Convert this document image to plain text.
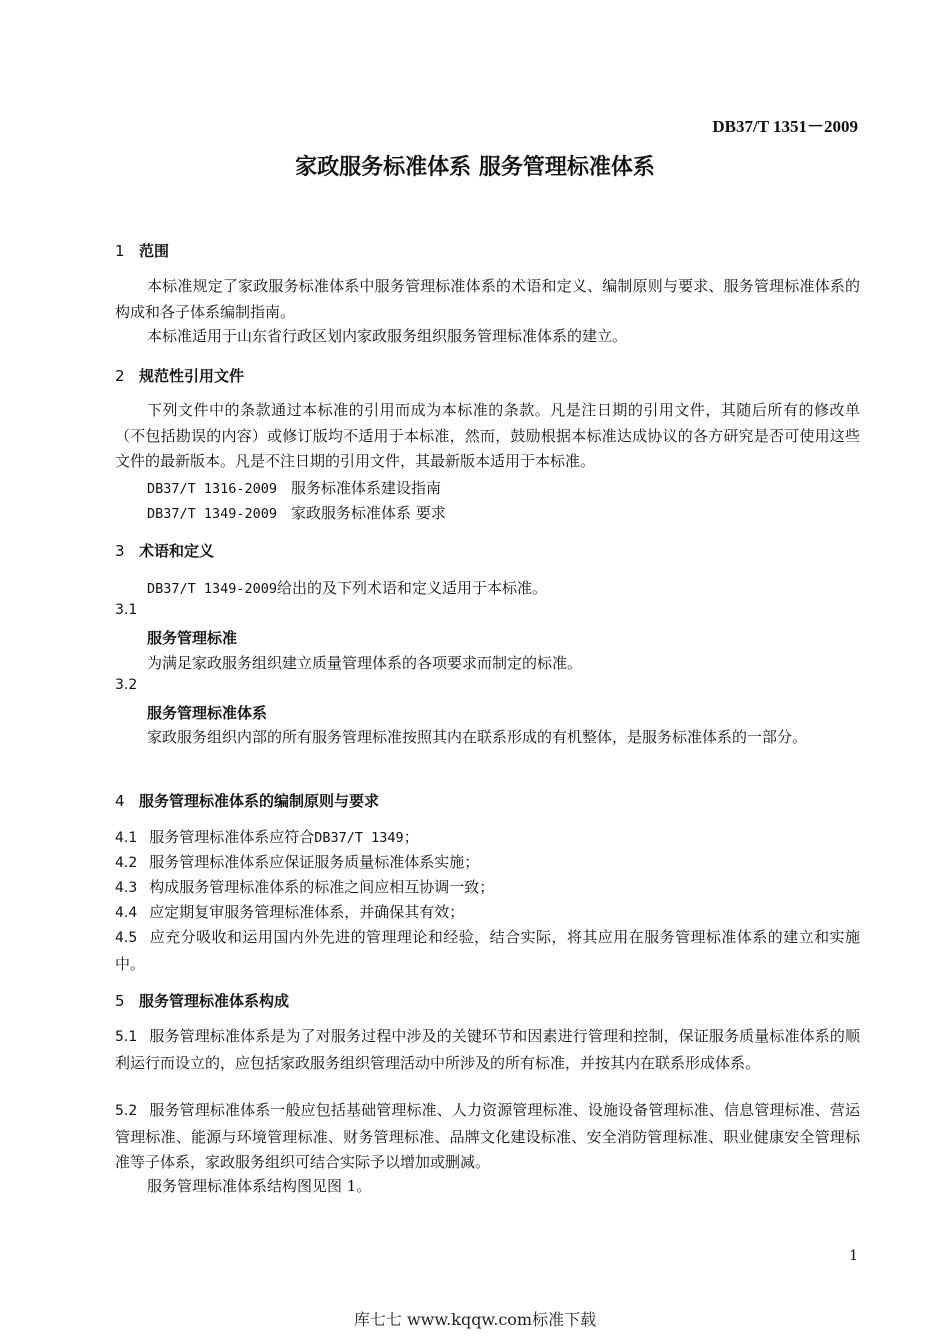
DB37/T 1351－2009
家政服务标准体系 服务管理标准体系
1 范围
本标准规定了家政服务标准体系中服务管理标准体系的术语和定义、编制原则与要求、服务管理标准体系的构成和各子体系编制指南。
本标准适用于山东省行政区划内家政服务组织服务管理标准体系的建立。
2 规范性引用文件
下列文件中的条款通过本标准的引用而成为本标准的条款。凡是注日期的引用文件，其随后所有的修改单（不包括勘误的内容）或修订版均不适用于本标准，然而，鼓励根据本标准达成协议的各方研究是否可使用这些文件的最新版本。凡是不注日期的引用文件，其最新版本适用于本标准。
DB37/T 1316-2009 服务标准体系建设指南
DB37/T 1349-2009 家政服务标准体系 要求
3 术语和定义
DB37/T 1349-2009给出的及下列术语和定义适用于本标准。
3.1
服务管理标准
为满足家政服务组织建立质量管理体系的各项要求而制定的标准。
3.2
服务管理标准体系
家政服务组织内部的所有服务管理标准按照其内在联系形成的有机整体，是服务标准体系的一部分。
4 服务管理标准体系的编制原则与要求
4.1 服务管理标准体系应符合DB37/T 1349；
4.2 服务管理标准体系应保证服务质量标准体系实施；
4.3 构成服务管理标准体系的标准之间应相互协调一致；
4.4 应定期复审服务管理标准体系，并确保其有效；
4.5 应充分吸收和运用国内外先进的管理理论和经验，结合实际，将其应用在服务管理标准体系的建立和实施中。
5 服务管理标准体系构成
5.1 服务管理标准体系是为了对服务过程中涉及的关键环节和因素进行管理和控制，保证服务质量标准体系的顺利运行而设立的，应包括家政服务组织管理活动中所涉及的所有标准，并按其内在联系形成体系。
5.2 服务管理标准体系一般应包括基础管理标准、人力资源管理标准、设施设备管理标准、信息管理标准、营运管理标准、能源与环境管理标准、财务管理标准、品牌文化建设标准、安全消防管理标准、职业健康安全管理标准等子体系，家政服务组织可结合实际予以增加或删减。
服务管理标准体系结构图见图 1。
1
库七七 www.kqqw.com标准下载
